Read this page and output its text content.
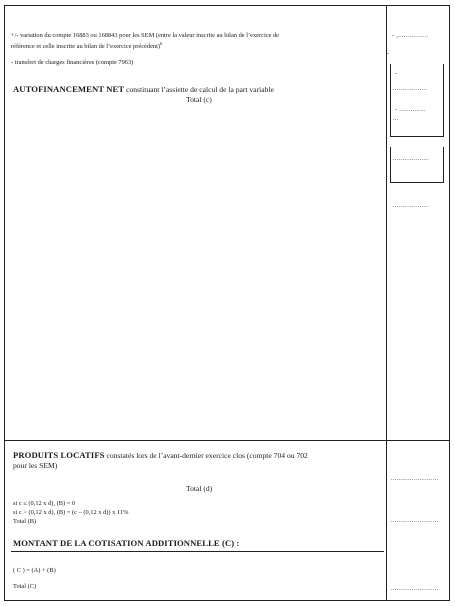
+/- variation du compte 16883 ou 168843 pour les SEM (entre la valeur inscrite au bilan de l’exercice de
référence et celle inscrite au bilan de l’exercice précédent)$^6$
- transfert de charges financières (compte 7963)
AUTOFINANCEMENT NET constituant l’assiette de calcul de la part variable
Total (c)
- ,................
-
-
..................
- ..............
...
...................
...................
PRODUITS LOCATIFS constatés lors de l’avant-dernier exercice clos (compte 704 ou 702
pour les SEM)
Total (d)
si c ≤ (0,12 x d), (B) = 0
si c > (0,12 x d), (B) = (c – (0,12 x d)) x 11%
Total (B)
MONTANT DE LA COTISATION ADDITIONNELLE (C) :
( C ) = (A) + (B)
Total (C)
.........................
.........................
.........................
